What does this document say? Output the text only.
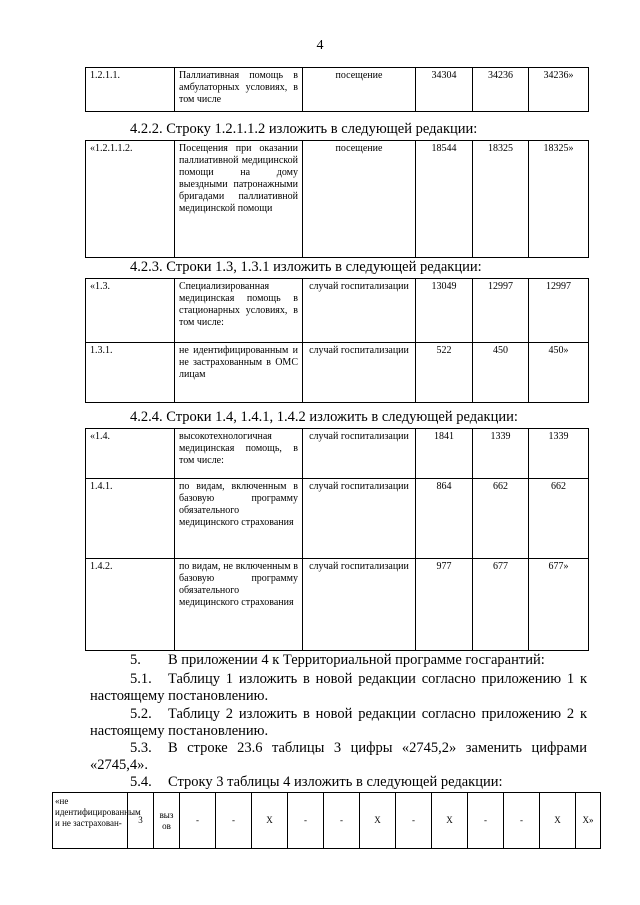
4
1.2.1.1.	Паллиативная помощь в амбулаторных условиях, в том числе	посещение	34304	34236	34236»
4.2.2. Строку 1.2.1.1.2 изложить в следующей редакции:
«1.2.1.1.2.	Посещения при оказании паллиативной медицинской помощи на дому выездными патронажными бригадами паллиативной медицинской помощи	посещение	18544	18325	18325»
4.2.3. Строки 1.3, 1.3.1 изложить в следующей редакции:
«1.3.	Специализированная медицинская помощь в стационарных условиях, в том числе:	случай госпитализации	13049	12997	12997
1.3.1.	не идентифицированным и не застрахованным в ОМС лицам	случай госпитализации	522	450	450»
4.2.4. Строки 1.4, 1.4.1, 1.4.2 изложить в следующей редакции:
«1.4.	высокотехнологичная медицинская помощь, в том числе:	случай госпитализации	1841	1339	1339
1.4.1.	по видам, включенным в базовую программу обязательного медицинского страхования	случай госпитализации	864	662	662
1.4.2.	по видам, не включенным в базовую программу обязательного медицинского страхования	случай госпитализации	977	677	677»
5. В приложении 4 к Территориальной программе госгарантий:
5.1. Таблицу 1 изложить в новой редакции согласно приложению 1 к настоящему постановлению.
5.2. Таблицу 2 изложить в новой редакции согласно приложению 2 к настоящему постановлению.
5.3. В строке 23.6 таблицы 3 цифры «2745,2» заменить цифрами «2745,4».
5.4. Строку 3 таблицы 4 изложить в следующей редакции:
«не идентифицированным и не застрахован-	3	выз ов	-	-	X	-	-	X	-	X	-	-	X	X»
